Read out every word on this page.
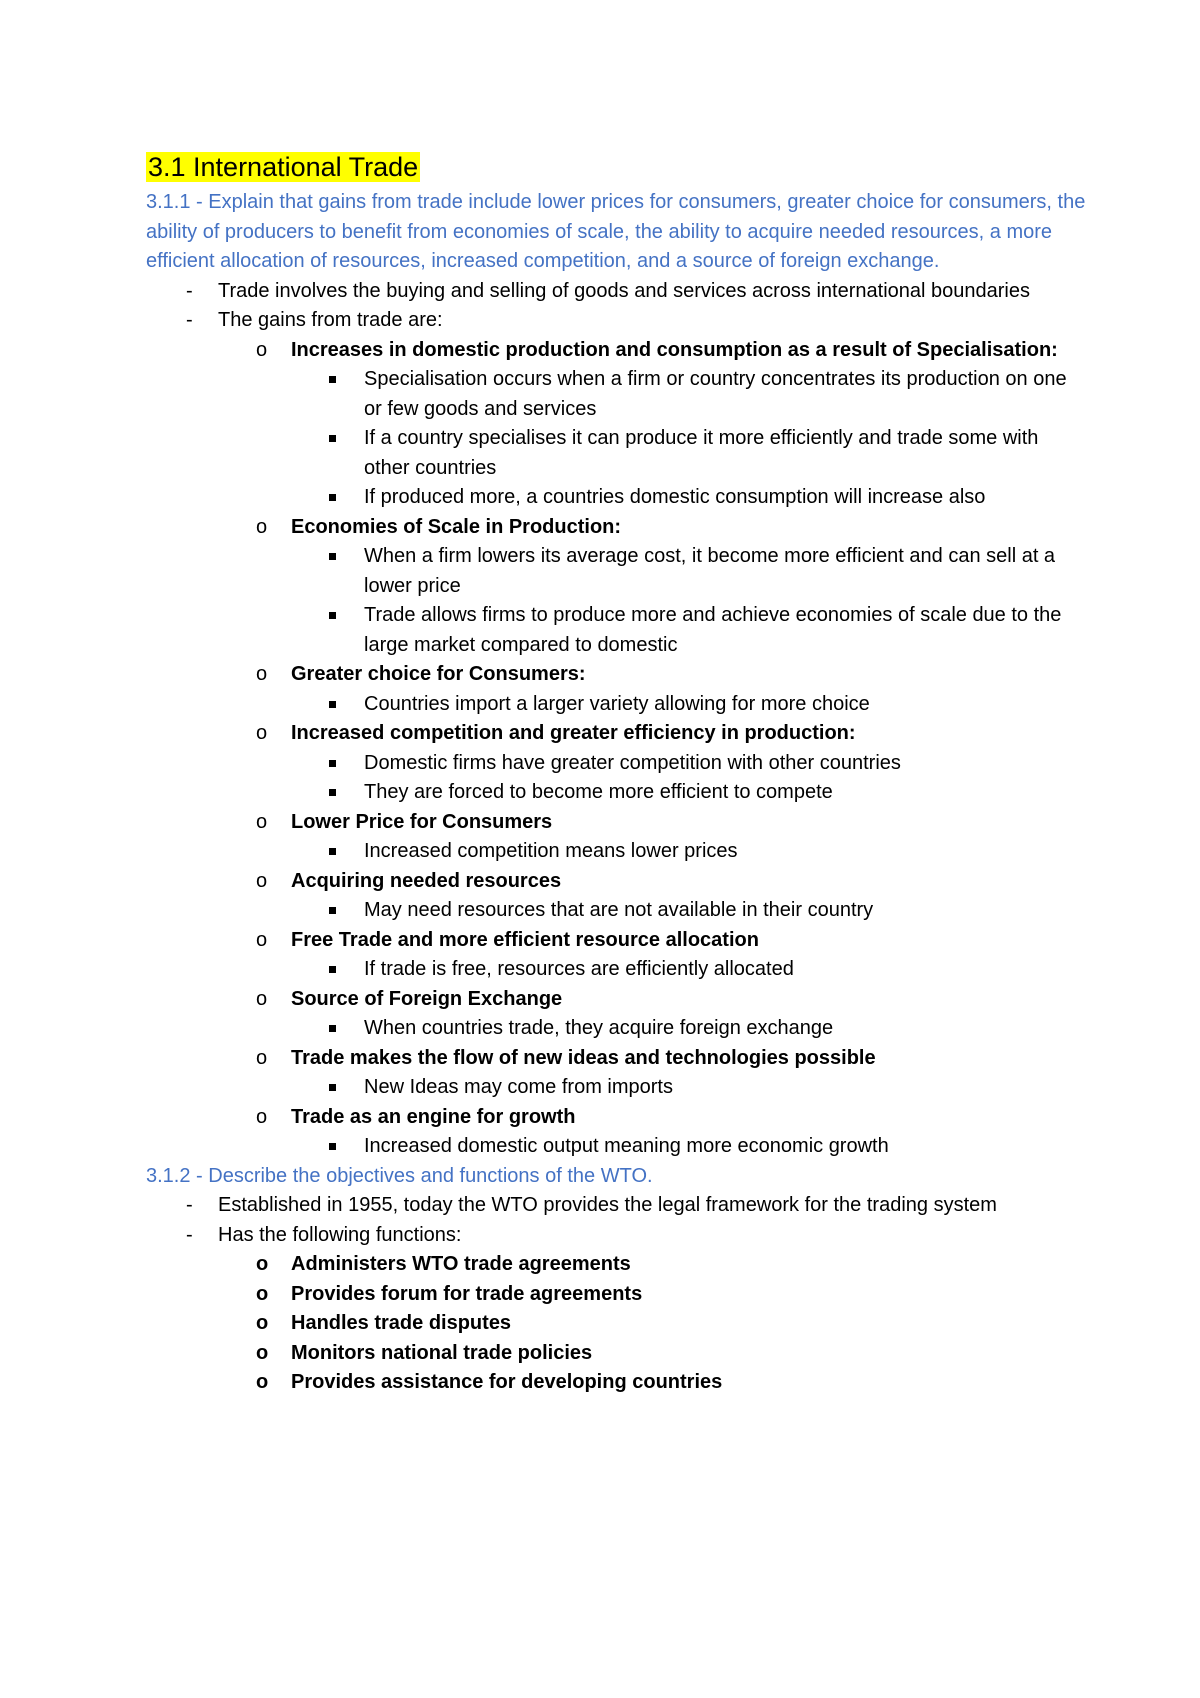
3.1 International Trade
3.1.1 - Explain that gains from trade include lower prices for consumers, greater choice for consumers, the ability of producers to benefit from economies of scale, the ability to acquire needed resources, a more efficient allocation of resources, increased competition, and a source of foreign exchange.
- Trade involves the buying and selling of goods and services across international boundaries
- The gains from trade are:
o Increases in domestic production and consumption as a result of Specialisation:
Specialisation occurs when a firm or country concentrates its production on one or few goods and services
If a country specialises it can produce it more efficiently and trade some with other countries
If produced more, a countries domestic consumption will increase also
o Economies of Scale in Production:
When a firm lowers its average cost, it become more efficient and can sell at a lower price
Trade allows firms to produce more and achieve economies of scale due to the large market compared to domestic
o Greater choice for Consumers:
Countries import a larger variety allowing for more choice
o Increased competition and greater efficiency in production:
Domestic firms have greater competition with other countries
They are forced to become more efficient to compete
o Lower Price for Consumers
Increased competition means lower prices
o Acquiring needed resources
May need resources that are not available in their country
o Free Trade and more efficient resource allocation
If trade is free, resources are efficiently allocated
o Source of Foreign Exchange
When countries trade, they acquire foreign exchange
o Trade makes the flow of new ideas and technologies possible
New Ideas may come from imports
o Trade as an engine for growth
Increased domestic output meaning more economic growth
3.1.2 - Describe the objectives and functions of the WTO.
- Established in 1955, today the WTO provides the legal framework for the trading system
- Has the following functions:
o Administers WTO trade agreements
o Provides forum for trade agreements
o Handles trade disputes
o Monitors national trade policies
o Provides assistance for developing countries
